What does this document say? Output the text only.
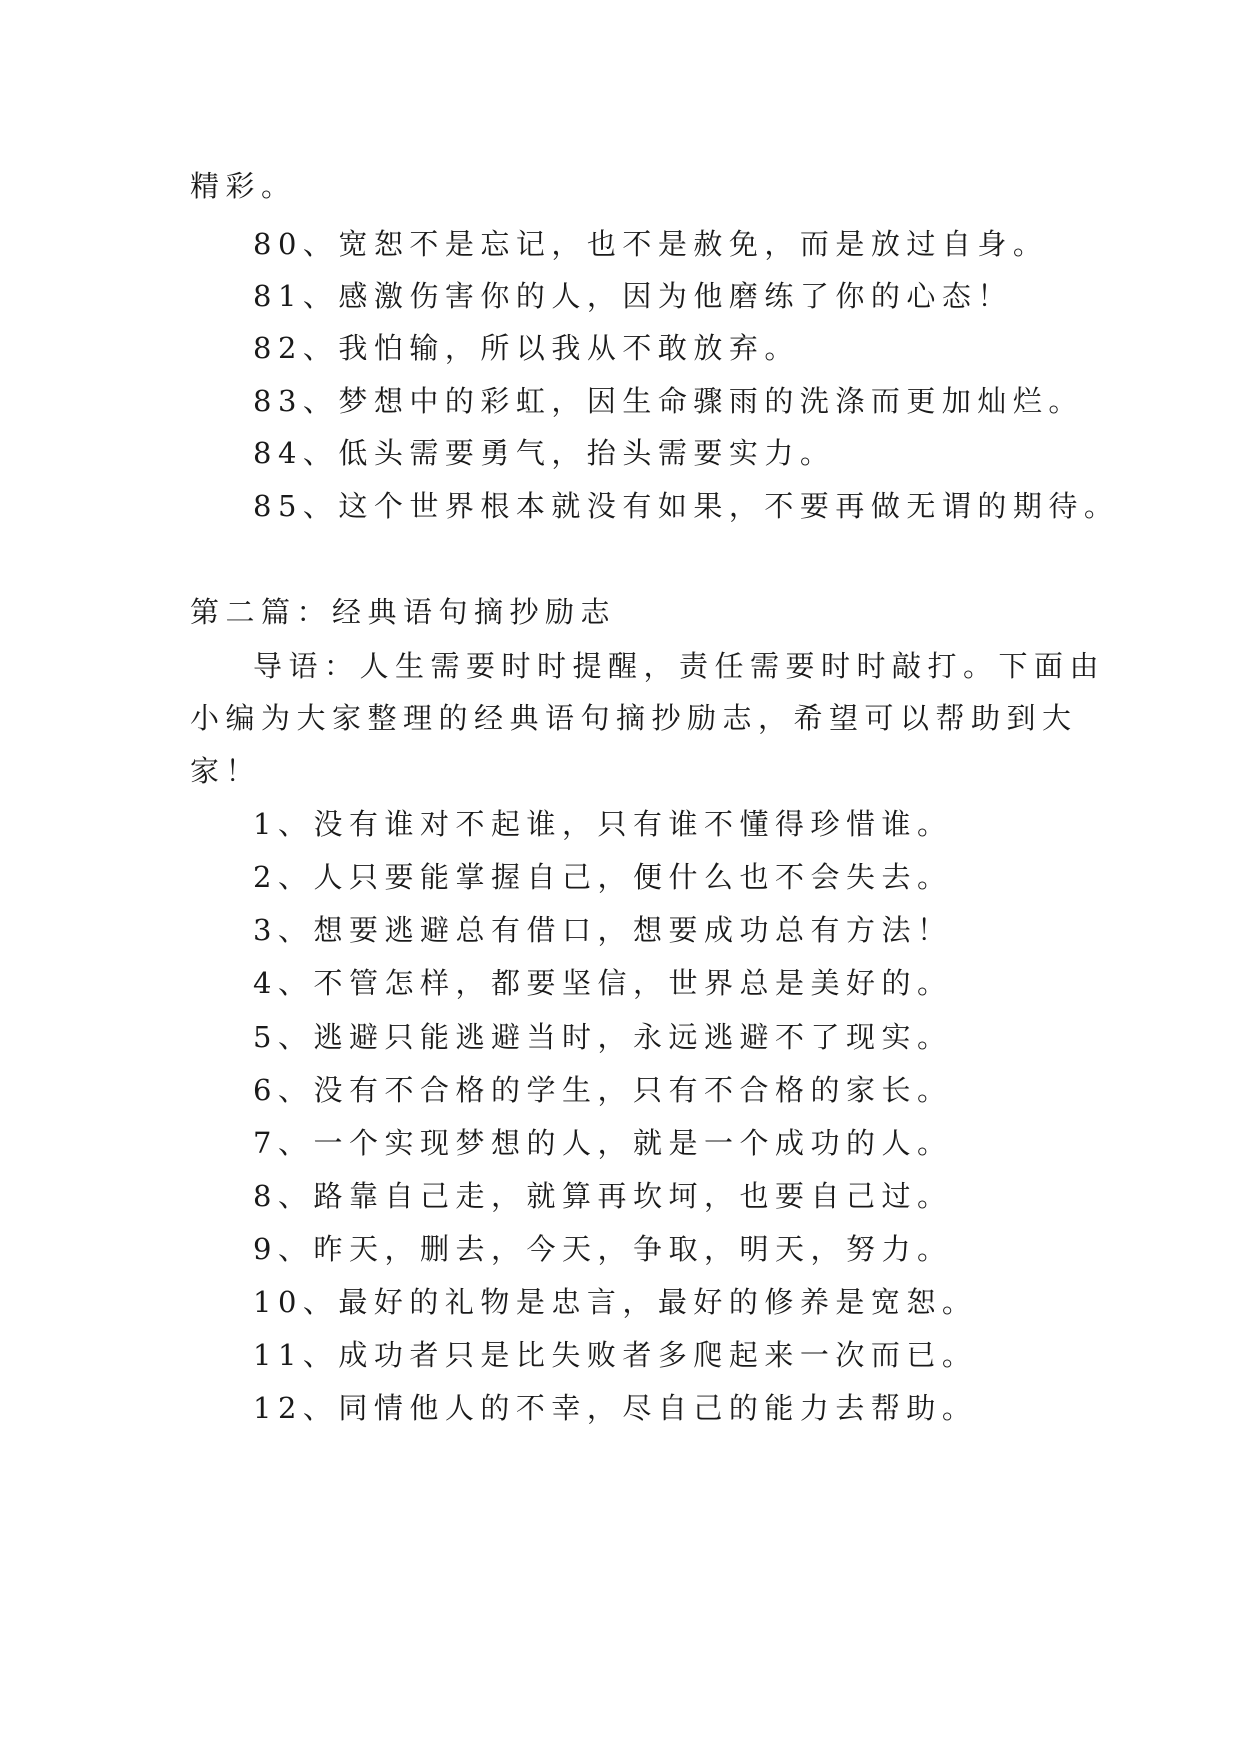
精彩。
80、宽恕不是忘记，也不是赦免，而是放过自身。
81、感激伤害你的人，因为他磨练了你的心态！
82、我怕输，所以我从不敢放弃。
83、梦想中的彩虹，因生命骤雨的洗涤而更加灿烂。
84、低头需要勇气，抬头需要实力。
85、这个世界根本就没有如果，不要再做无谓的期待。
第二篇：经典语句摘抄励志
导语：人生需要时时提醒，责任需要时时敲打。下面由
小编为大家整理的经典语句摘抄励志，希望可以帮助到大
家！
1、没有谁对不起谁，只有谁不懂得珍惜谁。
2、人只要能掌握自己，便什么也不会失去。
3、想要逃避总有借口，想要成功总有方法！
4、不管怎样，都要坚信，世界总是美好的。
5、逃避只能逃避当时，永远逃避不了现实。
6、没有不合格的学生，只有不合格的家长。
7、一个实现梦想的人，就是一个成功的人。
8、路靠自己走，就算再坎坷，也要自己过。
9、昨天，删去，今天，争取，明天，努力。
10、最好的礼物是忠言，最好的修养是宽恕。
11、成功者只是比失败者多爬起来一次而已。
12、同情他人的不幸，尽自己的能力去帮助。
